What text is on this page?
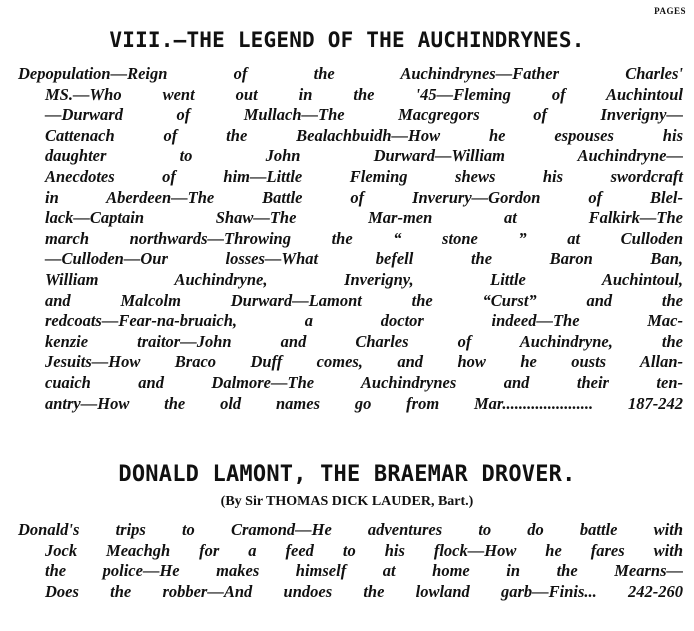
PAGES
VIII.—THE LEGEND OF THE AUCHINDRYNES.
Depopulation—Reign of the Auchindrynes—Father Charles'
MS.—Who went out in the '45—Fleming of Auchintoul
—Durward of Mullach—The Macgregors of Inverigny—
Cattenach of the Bealachbuidh—How he espouses his
daughter to John Durward—William Auchindryne—
Anecdotes of him—Little Fleming shews his swordcraft
in Aberdeen—The Battle of Inverury—Gordon of Blel-
lack—Captain Shaw—The Mar-men at Falkirk—The
march northwards—Throwing the “ stone ” at Culloden
—Culloden—Our losses—What befell the Baron Ban,
William Auchindryne, Inverigny, Little Auchintoul,
and Malcolm Durward—Lamont the “Curst” and the
redcoats—Fear-na-bruaich, a doctor indeed—The Mac-
kenzie traitor—John and Charles of Auchindryne, the
Jesuits—How Braco Duff comes, and how he ousts Allan-
cuaich and Dalmore—The Auchindrynes and their ten-
antry—How the old names go from Mar...................... 187-242
DONALD LAMONT, THE BRAEMAR DROVER.
(By Sir THOMAS DICK LAUDER, Bart.)
Donald's trips to Cramond—He adventures to do battle with
Jock Meachgh for a feed to his flock—How he fares with
the police—He makes himself at home in the Mearns—
Does the robber—And undoes the lowland garb—Finis... 242-260
